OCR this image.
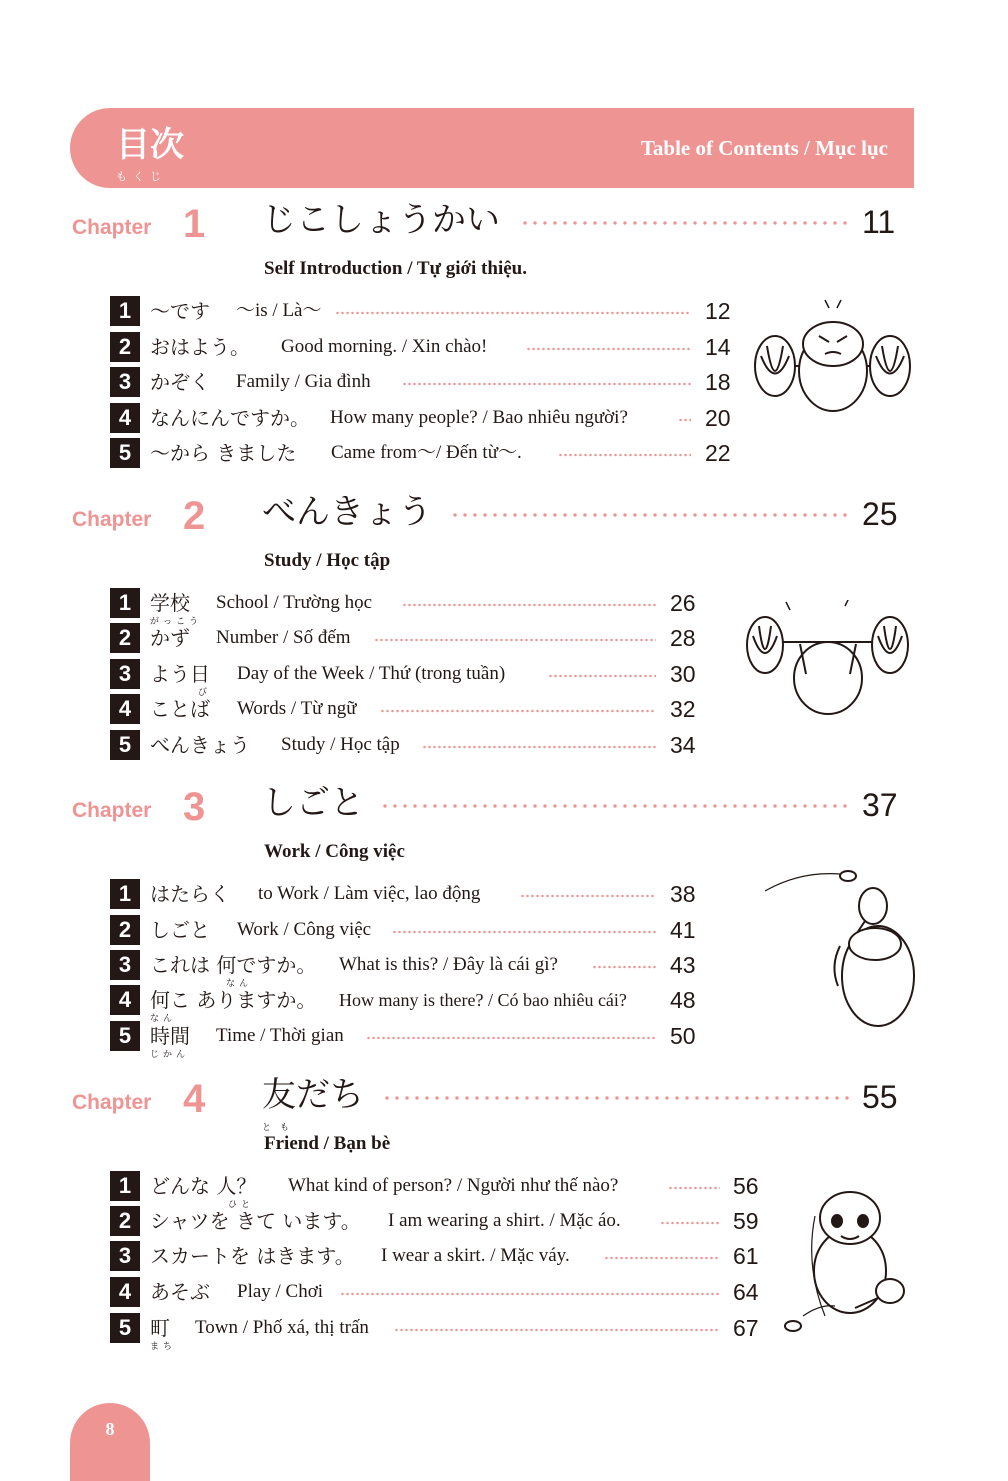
目次
もくじ
Table of Contents / Mục lục
Chapter 1 じこしょうかい	11
Self Introduction / Tự giới thiệu.
1 ～です ～is / Là～	12
2 おはよう。 Good morning. / Xin chào!	14
3 かぞく Family / Gia đình	18
4 なんにんですか。 How many people? / Bao nhiêu người?	20
5 ～から きました Came from～/ Đến từ～.	22
Chapter 2 べんきょう	25
Study / Học tập
1 学校
がっこう
School / Trường học	26
2 かず Number / Số đếm	28
3 よう日
び
Day of the Week / Thứ (trong tuần)	30
4 ことば Words / Từ ngữ	32
5 べんきょう Study / Học tập	34
Chapter 3 しごと	37
Work / Công việc
1 はたらく to Work / Làm việc, lao động	38
2 しごと Work / Công việc	41
3 これは 何ですか。
なん
What is this? / Đây là cái gì?	43
4 何こ ありますか。
なん
How many is there? / Có bao nhiêu cái? 48
5 時間
じかん
Time / Thời gian	50
Chapter 4 友だち
とも
55
Friend / Bạn bè
1 どんな 人？
ひと
What kind of person? / Người như thế nào?	56
2 シャツを きて います。 I am wearing a shirt. / Mặc áo.	59
3 スカートを はきます。 I wear a skirt. / Mặc váy.	61
4 あそぶ Play / Chơi	64
5 町
まち
Town / Phố xá, thị trấn	67
8
